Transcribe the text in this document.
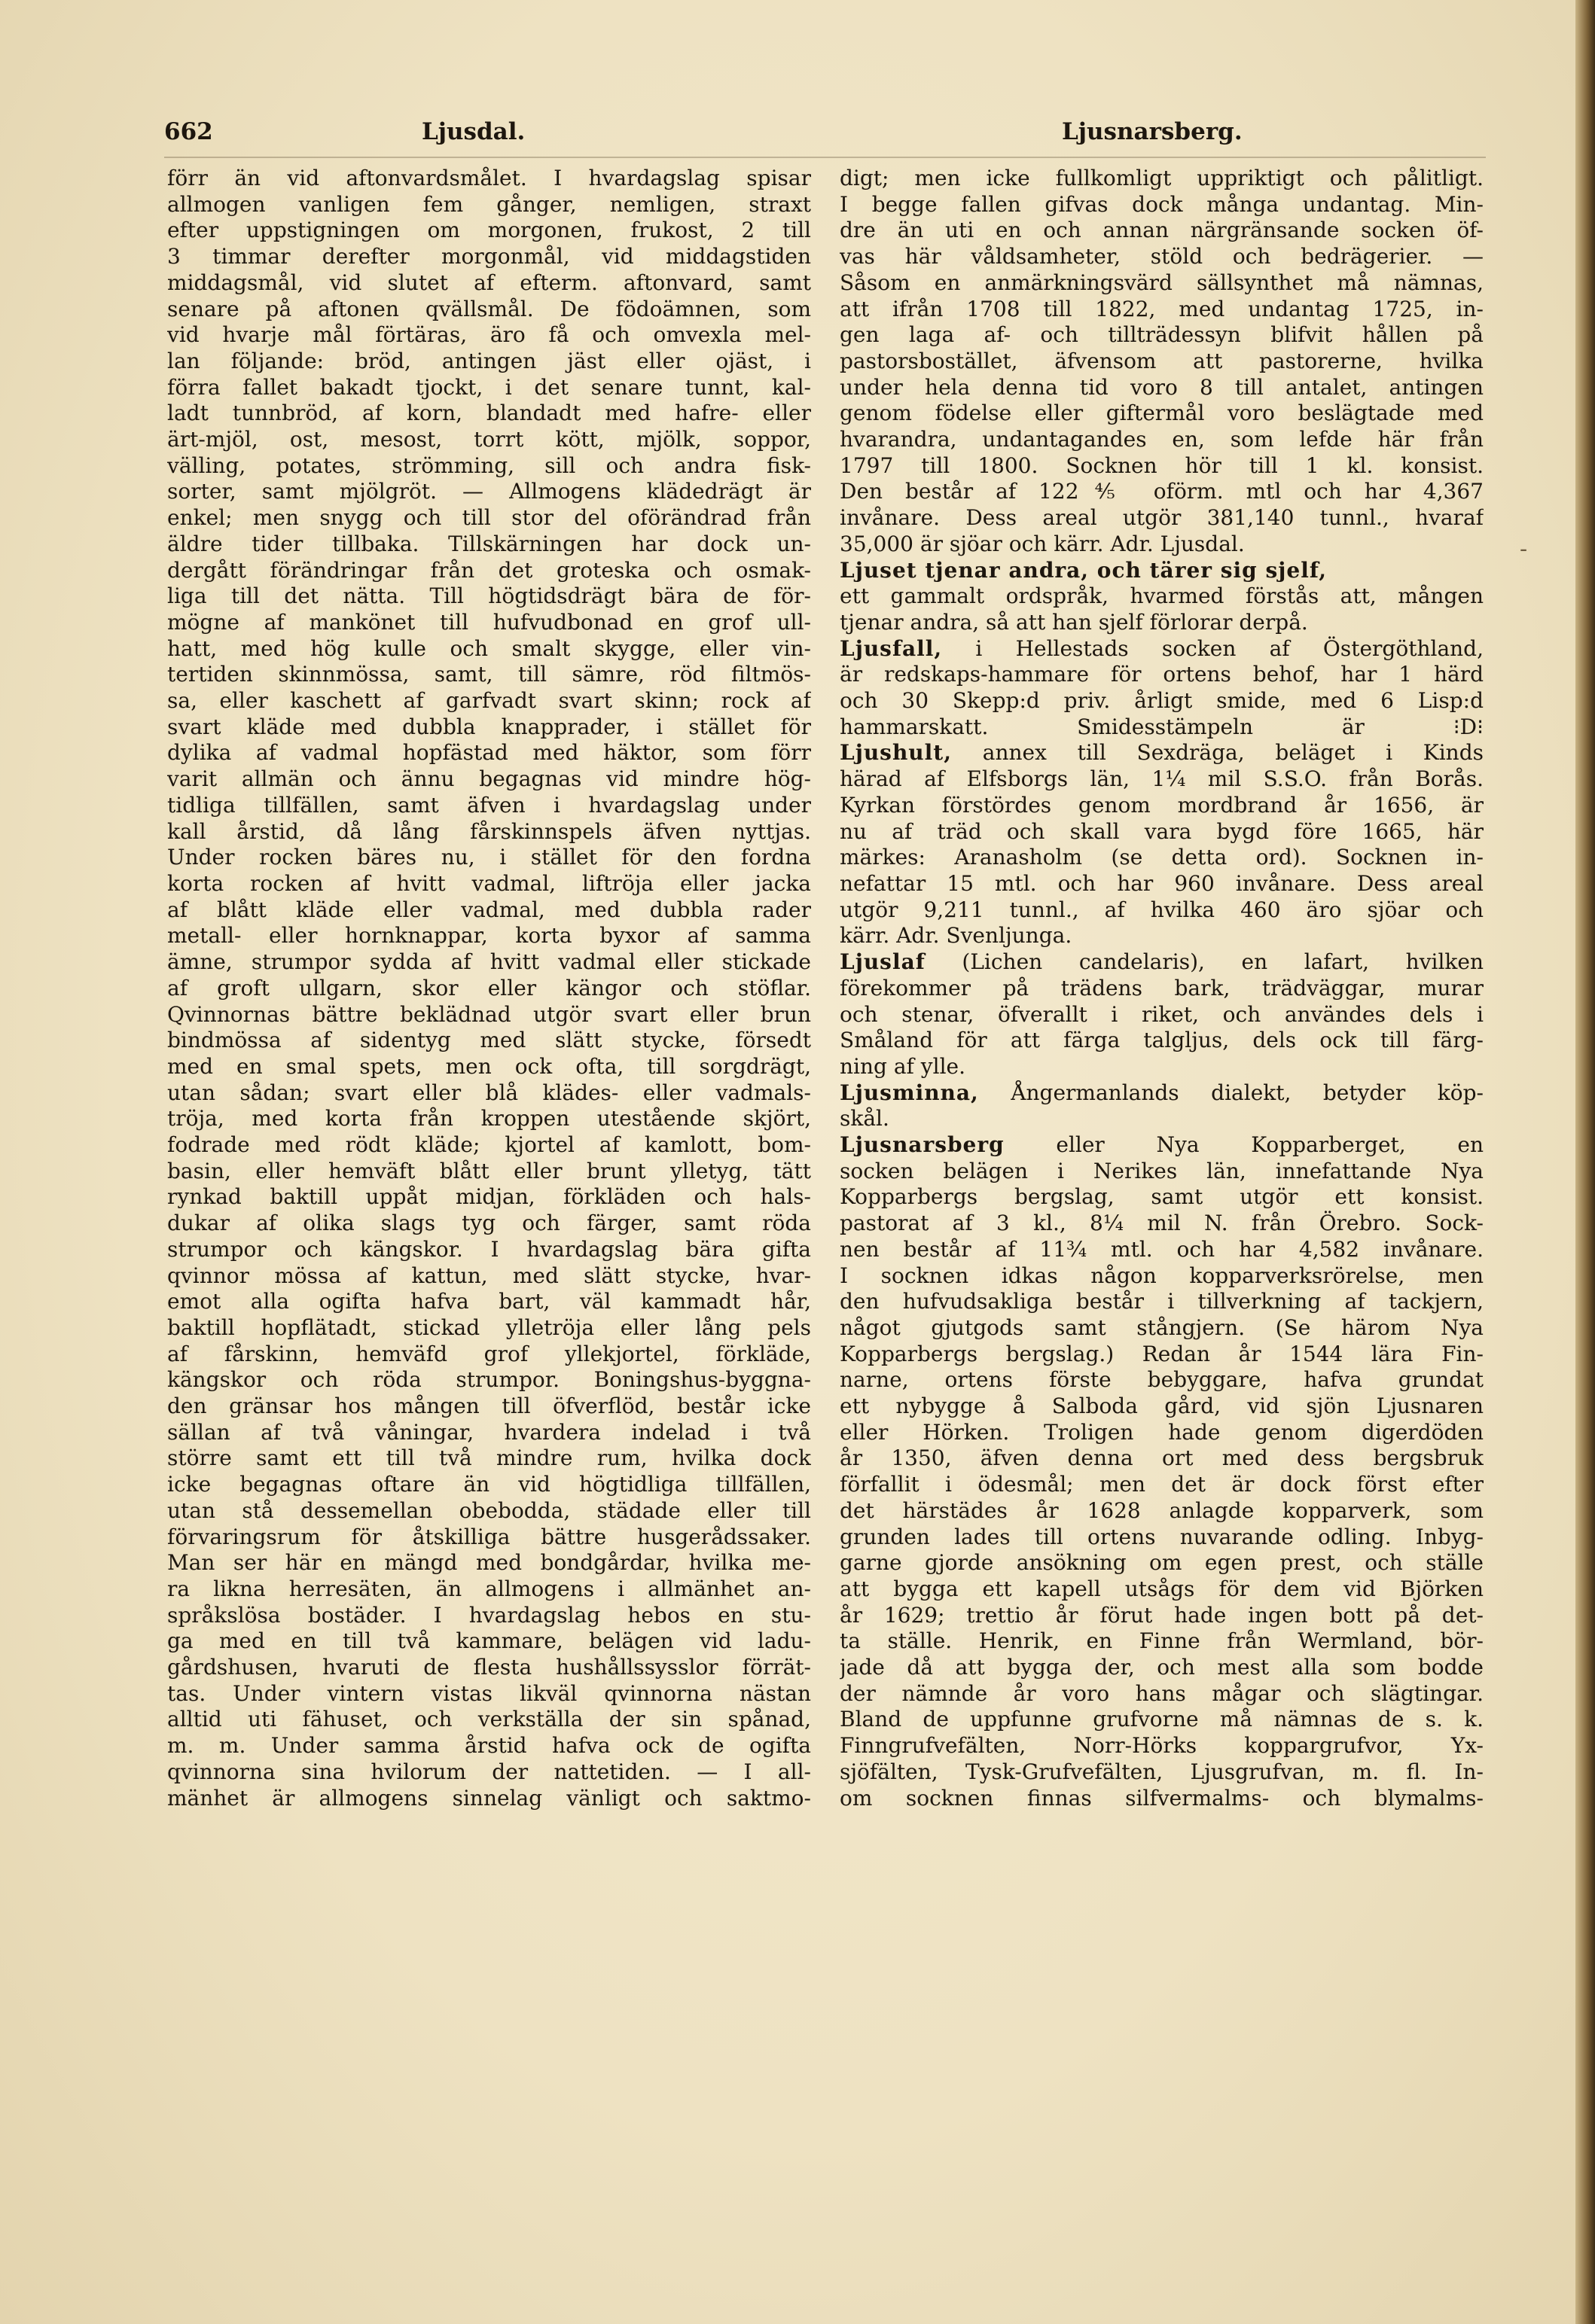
662	Ljusdal.	Ljusnarsberg.

förr än vid aftonvardsmålet. I hvardagslag spisar

allmogen vanligen fem gånger, nemligen, straxt

efter uppstigningen om morgonen, frukost, 2 till

3 timmar derefter morgonmål, vid middagstiden

middagsmål, vid slutet af efterm. aftonvard, samt

senare på aftonen qvällsmål. De födoämnen, som

vid hvarje mål förtäras, äro få och omvexla mel-

lan följande: bröd, antingen jäst eller ojäst, i

förra fallet bakadt tjockt, i det senare tunnt, kal-

ladt tunnbröd, af korn, blandadt med hafre- eller

ärt-mjöl, ost, mesost, torrt kött, mjölk, soppor,

välling, potates, strömming, sill och andra fisk-

sorter, samt mjölgröt. — Allmogens klädedrägt är

enkel; men snygg och till stor del oförändrad från

äldre tider tillbaka. Tillskärningen har dock un-

dergått förändringar från det groteska och osmak-

liga till det nätta. Till högtidsdrägt bära de för-

mögne af mankönet till hufvudbonad en grof ull-

hatt, med hög kulle och smalt skygge, eller vin-

tertiden skinnmössa, samt, till sämre, röd filtmös-

sa, eller kaschett af garfvadt svart skinn; rock af

svart kläde med dubbla knapprader, i stället för

dylika af vadmal hopfästad med häktor, som förr

varit allmän och ännu begagnas vid mindre hög-

tidliga tillfällen, samt äfven i hvardagslag under

kall årstid, då lång fårskinnspels äfven nyttjas.

Under rocken bäres nu, i stället för den fordna

korta rocken af hvitt vadmal, liftröja eller jacka

af blått kläde eller vadmal, med dubbla rader

metall- eller hornknappar, korta byxor af samma

ämne, strumpor sydda af hvitt vadmal eller stickade

af groft ullgarn, skor eller kängor och stöflar.

Qvinnornas bättre beklädnad utgör svart eller brun

bindmössa af sidentyg med slätt stycke, försedt

med en smal spets, men ock ofta, till sorgdrägt,

utan sådan; svart eller blå klädes- eller vadmals-

tröja, med korta från kroppen utestående skjört,

fodrade med rödt kläde; kjortel af kamlott, bom-

basin, eller hemväft blått eller brunt ylletyg, tätt

rynkad baktill uppåt midjan, förkläden och hals-

dukar af olika slags tyg och färger, samt röda

strumpor och kängskor. I hvardagslag bära gifta

qvinnor mössa af kattun, med slätt stycke, hvar-

emot alla ogifta hafva bart, väl kammadt hår,

baktill hopflätadt, stickad ylletröja eller lång pels

af fårskinn, hemväfd grof yllekjortel, förkläde,

kängskor och röda strumpor. Boningshus-byggna-

den gränsar hos mången till öfverflöd, består icke

sällan af två våningar, hvardera indelad i två

större samt ett till två mindre rum, hvilka dock

icke begagnas oftare än vid högtidliga tillfällen,

utan stå dessemellan obebodda, städade eller till

förvaringsrum för åtskilliga bättre husgerådssaker.

Man ser här en mängd med bondgårdar, hvilka me-

ra likna herresäten, än allmogens i allmänhet an-

språkslösa bostäder. I hvardagslag hebos en stu-

ga med en till två kammare, belägen vid ladu-

gårdshusen, hvaruti de flesta hushållssysslor förrät-

tas. Under vintern vistas likväl qvinnorna nästan

alltid uti fähuset, och verkställa der sin spånad,

m. m. Under samma årstid hafva ock de ogifta

qvinnorna sina hvilorum der nattetiden. — I all-

mänhet är allmogens sinnelag vänligt och saktmo-

digt; men icke fullkomligt uppriktigt och pålitligt.

I begge fallen gifvas dock många undantag. Min-

dre än uti en och annan närgränsande socken öf-

vas här våldsamheter, stöld och bedrägerier. —

Såsom en anmärkningsvärd sällsynthet må nämnas,

att ifrån 1708 till 1822, med undantag 1725, in-

gen laga af- och tillträdessyn blifvit hållen på

pastorsbostället, äfvensom att pastorerne, hvilka

under hela denna tid voro 8 till antalet, antingen

genom födelse eller giftermål voro beslägtade med

hvarandra, undantagandes en, som lefde här från

1797 till 1800. Socknen hör till 1 kl. konsist.

Den består af 122⅘ oförm. mtl och har 4,367

invånare. Dess areal utgör 381,140 tunnl., hvaraf

35,000 är sjöar och kärr. Adr. Ljusdal.

Ljuset tjenar andra, och tärer sig sjelf,

ett gammalt ordspråk, hvarmed förstås att, mången

tjenar andra, så att han sjelf förlorar derpå.

Ljusfall, i Hellestads socken af Östergöthland,

är redskaps-hammare för ortens behof, har 1 härd

och 30 Skepp:d priv. årligt smide, med 6 Lisp:d

hammarskatt. Smidesstämpeln är ⁝D⁝

Ljushult, annex till Sexdräga, beläget i Kinds

härad af Elfsborgs län, 1¼ mil S.S.O. från Borås.

Kyrkan förstördes genom mordbrand år 1656, är

nu af träd och skall vara bygd före 1665, här

märkes: Aranasholm (se detta ord). Socknen in-

nefattar 15 mtl. och har 960 invånare. Dess areal

utgör 9,211 tunnl., af hvilka 460 äro sjöar och

kärr. Adr. Svenljunga.

Ljuslaf (Lichen candelaris), en lafart, hvilken

förekommer på trädens bark, trädväggar, murar

och stenar, öfverallt i riket, och användes dels i

Småland för att färga talgljus, dels ock till färg-

ning af ylle.

Ljusminna, Ångermanlands dialekt, betyder köp-

skål.

Ljusnarsberg eller Nya Kopparberget, en

socken belägen i Nerikes län, innefattande Nya

Kopparbergs bergslag, samt utgör ett konsist.

pastorat af 3 kl., 8¼ mil N. från Örebro. Sock-

nen består af 11¾ mtl. och har 4,582 invånare.

I socknen idkas någon kopparverksrörelse, men

den hufvudsakliga består i tillverkning af tackjern,

något gjutgods samt stångjern. (Se härom Nya

Kopparbergs bergslag.) Redan år 1544 lära Fin-

narne, ortens förste bebyggare, hafva grundat

ett nybygge å Salboda gård, vid sjön Ljusnaren

eller Hörken. Troligen hade genom digerdöden

år 1350, äfven denna ort med dess bergsbruk

förfallit i ödesmål; men det är dock först efter

det härstädes år 1628 anlagde kopparverk, som

grunden lades till ortens nuvarande odling. Inbyg-

garne gjorde ansökning om egen prest, och ställe

att bygga ett kapell utsågs för dem vid Björken

år 1629; trettio år förut hade ingen bott på det-

ta ställe. Henrik, en Finne från Wermland, bör-

jade då att bygga der, och mest alla som bodde

der nämnde år voro hans mågar och slägtingar.

Bland de uppfunne grufvorne må nämnas de s. k.

Finngrufvefälten, Norr-Hörks koppargrufvor, Yx-

sjöfälten, Tysk-Grufvefälten, Ljusgrufvan, m. fl. In-

om socknen finnas silfvermalms- och blymalms-

-
